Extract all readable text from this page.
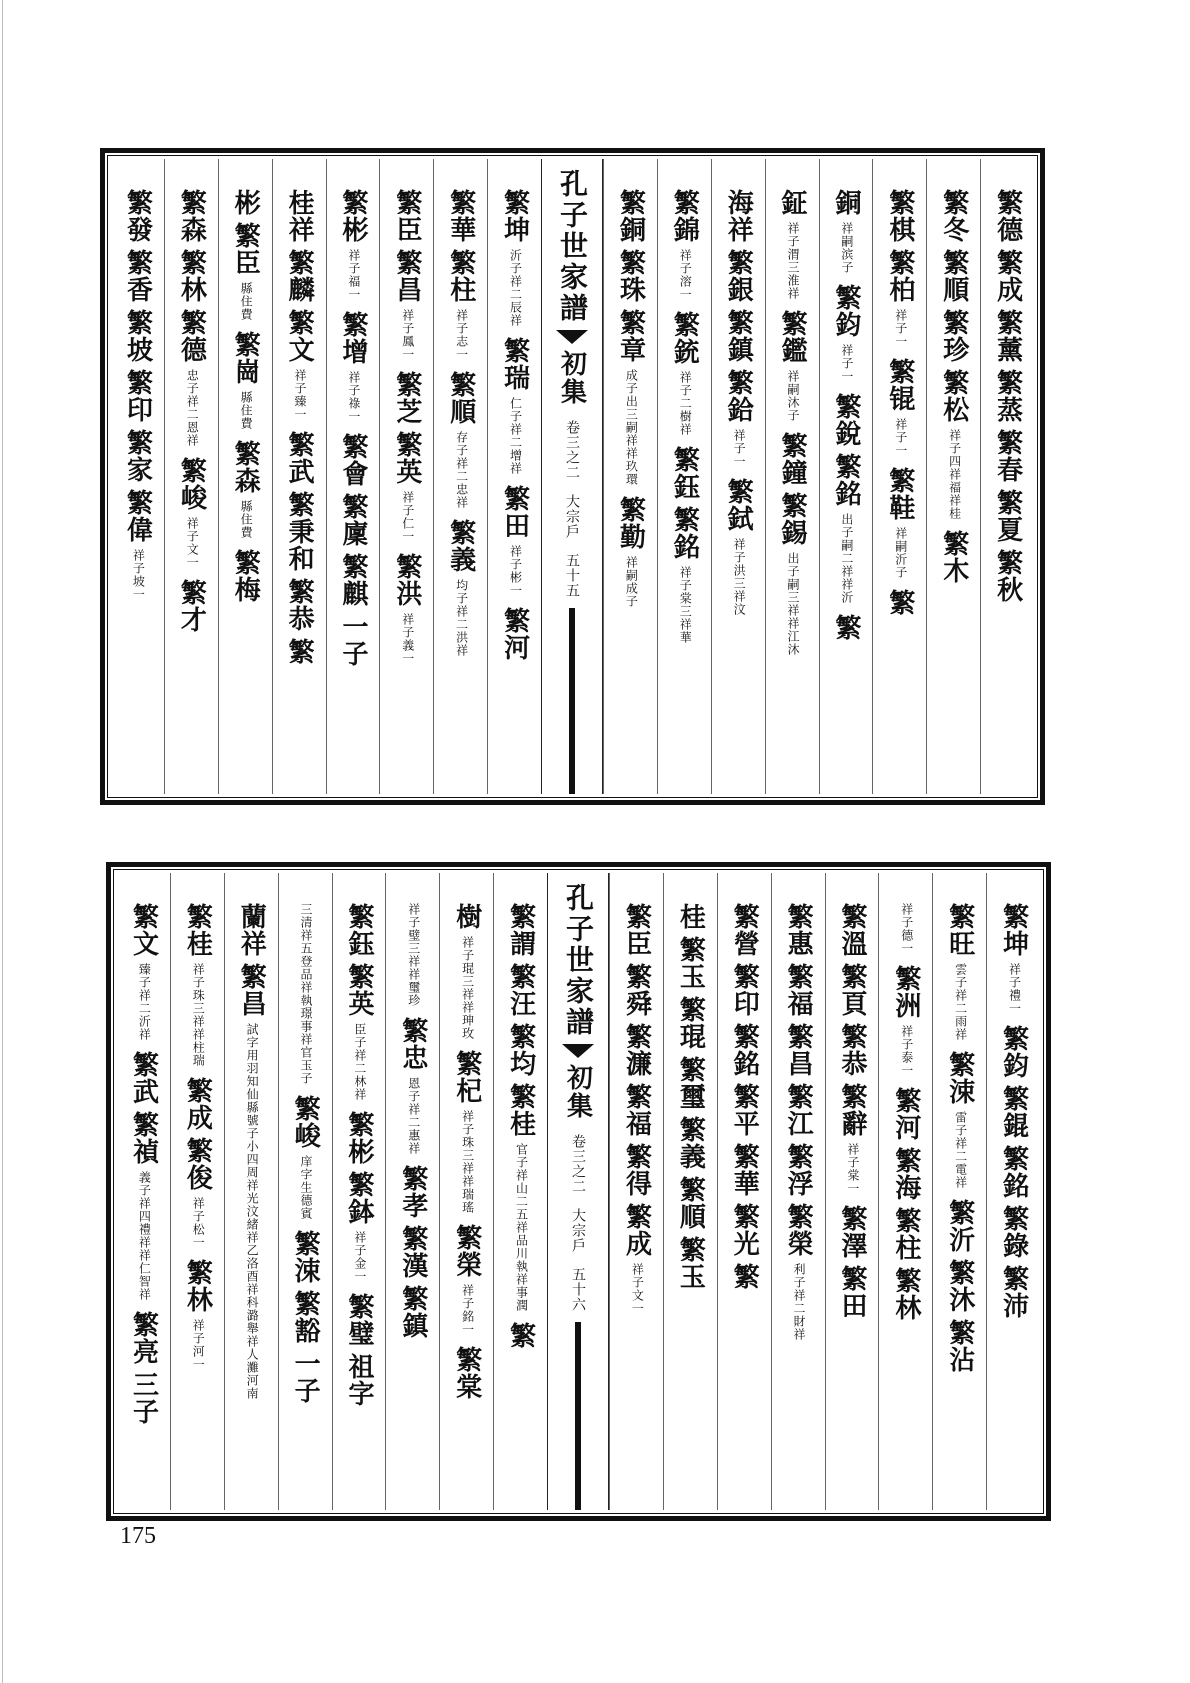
繁德
繁成
繁薰
繁蒸
繁春
繁夏
繁秋
繁冬
繁順
繁珍
繁松
祥子四祥福祥桂
繁木
繁棋
繁柏
祥子一
繁锟
祥子一
繁鞋
祥嗣沂子
繁
銅
祥嗣滨子
繁鈞
祥子一
繁銳
繁銘
出子嗣二祥祥沂
繁
鉦
祥子渭三淮祥
繁鑑
祥嗣沐子
繁鐘
繁錫
出子嗣三祥祥江沐
海祥
繁銀
繁鎮
繁鉿
祥子一
繁鉽
祥子洪三祥汶
繁錦
祥子溶一
繁銃
祥子二樹祥
繁鈺
繁銘
祥子棠三祥華
繁銅
繁珠
繁章
成子出三嗣祥祥玖環
繁勤
祥嗣成子
孔子世家譜
初集
卷三之二
大宗戶
五十五
繁坤
沂子祥二辰祥
繁瑞
仁子祥二增祥
繁田
祥子彬一
繁河
繁華
繁柱
祥子志一
繁順
存子祥二忠祥
繁義
均子祥二洪祥
繁臣
繁昌
祥子鳳一
繁芝
繁英
祥子仁一
繁洪
祥子義一
繁彬
祥子福一
繁增
祥子祿一
繁會
繁廩
繁麒
一子
桂祥
繁麟
繁文
祥子臻一
繁武
繁秉和
繁恭
繁
彬
繁臣
縣住費
繁崗
縣住費
繁森
縣住費
繁梅
繁森
繁林
繁德
忠子祥二恩祥
繁峻
祥子文一
繁才
繁發
繁香
繁坡
繁印
繁家
繁偉
祥子坡一
繁坤
祥子禮一
繁鈞
繁錕
繁銘
繁錄
繁沛
繁旺
雲子祥二雨祥
繁涑
雷子祥二電祥
繁沂
繁沐
繁沾
祥子德一
繁洲
祥子泰一
繁河
繁海
繁柱
繁林
繁溫
繁頁
繁恭
繁辭
祥子棠一
繁澤
繁田
繁惠
繁福
繁昌
繁江
繁浮
繁榮
利子祥二財祥
繁營
繁印
繁銘
繁平
繁華
繁光
繁
桂
繁玉
繁琨
繁璽
繁義
繁順
繁玉
繁臣
繁舜
繁濂
繁福
繁得
繁成
祥子文一
孔子世家譜
初集
卷三之二
大宗戶
五十六
繁謂
繁汪
繁均
繁桂
官子祥山二五祥品川執祥事潤
繁
樹
祥子琨三祥祥珅玫
繁杞
祥子珠三祥祥瑞瑤
繁榮
祥子銘一
繁棠
祥子璧三祥祥璽珍
繁忠
恩子祥二惠祥
繁孝
繁漢
繁鎮
繁鈺
繁英
臣子祥二林祥
繁彬
繁鉢
祥子金一
繁璧
祖字
三清祥五登品祥執璟事祥官玉子
繁峻
庠字生德賓
繁涑
繁豁
一子
蘭祥
繁昌
試字用羽知仙縣號子小四周祥光汶緒祥乙洛酉祥科潞舉祥人灘河南
繁桂
祥子珠三祥祥柱瑞
繁成
繁俊
祥子松一
繁林
祥子河一
繁文
臻子祥二沂祥
繁武
繁禎
義子祥四禮祥祥仁智祥
繁亮
三子
175
